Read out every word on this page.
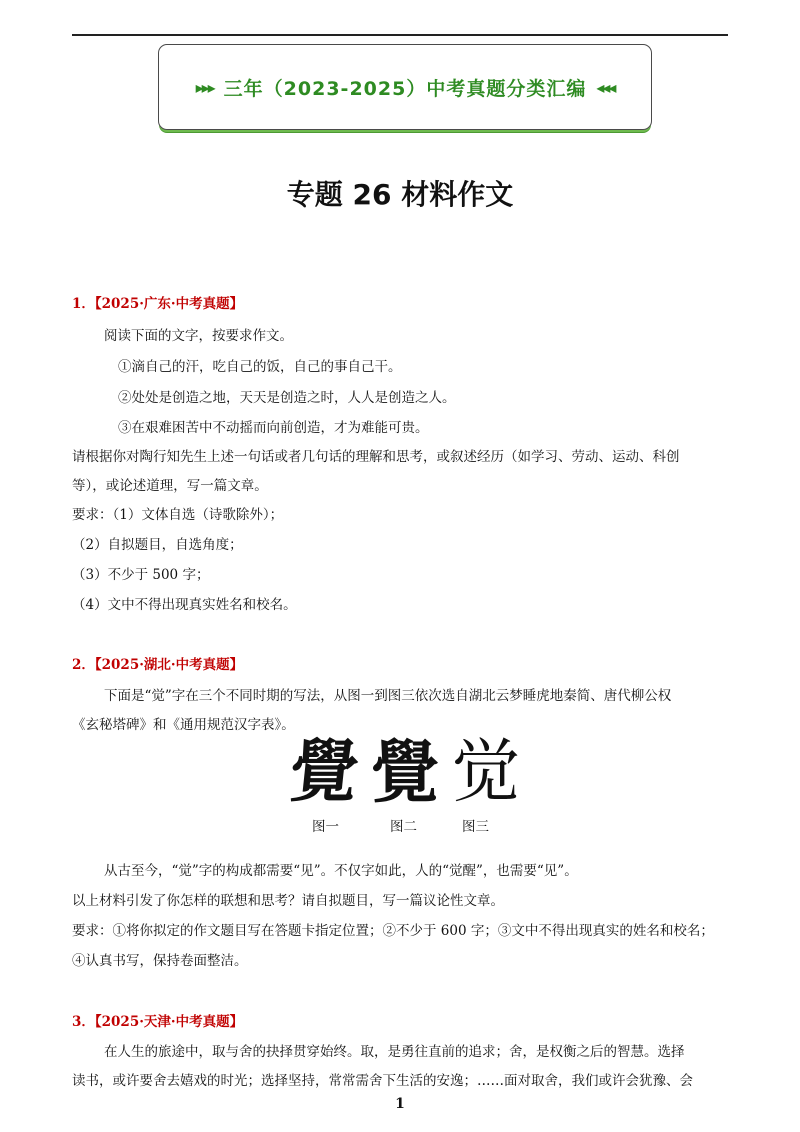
▸▸▸ 三年（2023-2025）中考真题分类汇编 ◂◂◂
专题 26 材料作文
1．【2025·广东·中考真题】
阅读下面的文字，按要求作文。
①滴自己的汗，吃自己的饭，自己的事自己干。
②处处是创造之地，天天是创造之时，人人是创造之人。
③在艰难困苦中不动摇而向前创造，才为难能可贵。
请根据你对陶行知先生上述一句话或者几句话的理解和思考，或叙述经历（如学习、劳动、运动、科创
等），或论述道理，写一篇文章。
要求：（1）文体自选（诗歌除外）；
（2）自拟题目，自选角度；
（3）不少于 500 字；
（4）文中不得出现真实姓名和校名。
2．【2025·湖北·中考真题】
下面是“觉”字在三个不同时期的写法，从图一到图三依次选自湖北云梦睡虎地秦简、唐代柳公权
《玄秘塔碑》和《通用规范汉字表》。
覺 覺 觉
图一	图二	图三
从古至今，“觉”字的构成都需要“见”。不仅字如此，人的“觉醒”，也需要“见”。
以上材料引发了你怎样的联想和思考？请自拟题目，写一篇议论性文章。
要求：①将你拟定的作文题目写在答题卡指定位置；②不少于 600 字；③文中不得出现真实的姓名和校名；
④认真书写，保持卷面整洁。
3．【2025·天津·中考真题】
在人生的旅途中，取与舍的抉择贯穿始终。取，是勇往直前的追求；舍，是权衡之后的智慧。选择
读书，或许要舍去嬉戏的时光；选择坚持，常常需舍下生活的安逸；……面对取舍，我们或许会犹豫、会
1
